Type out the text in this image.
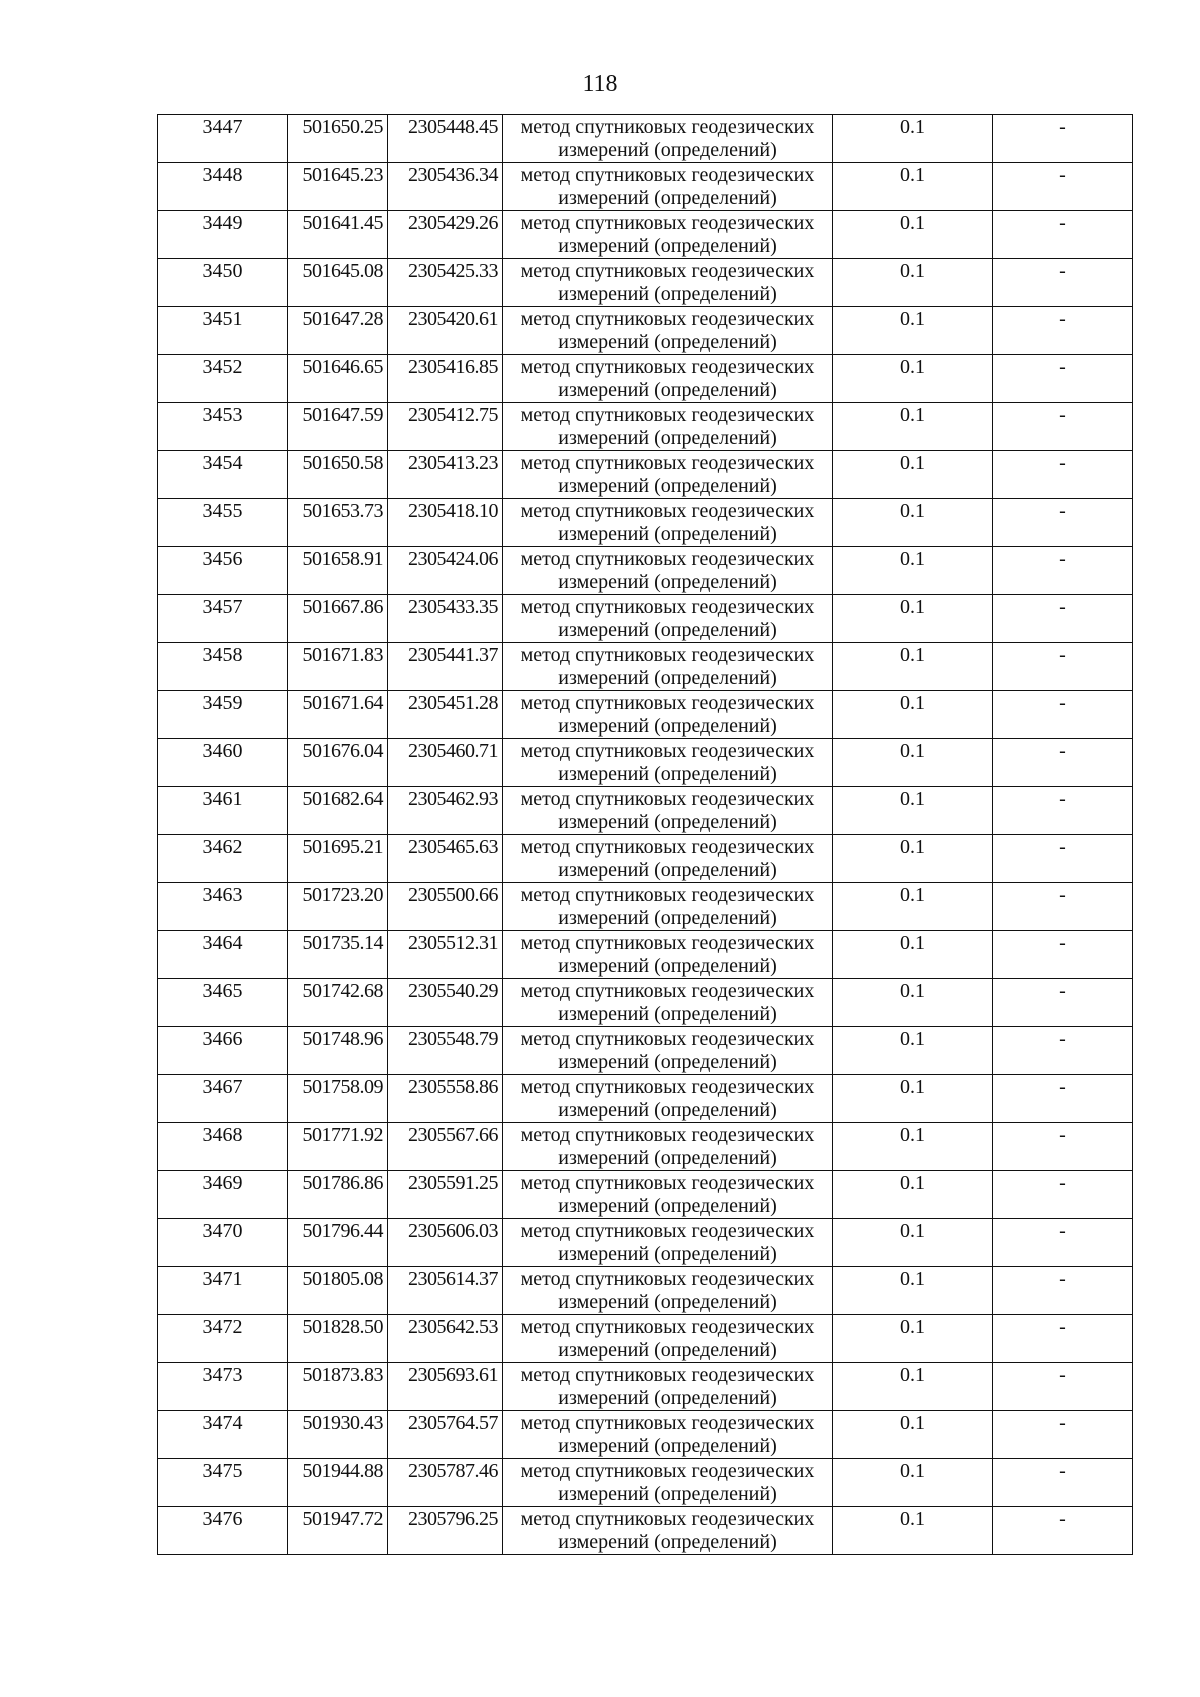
118
3447	501650.25	2305448.45	метод спутниковых геодезических измерений (определений)	0.1	-
3448	501645.23	2305436.34	метод спутниковых геодезических измерений (определений)	0.1	-
3449	501641.45	2305429.26	метод спутниковых геодезических измерений (определений)	0.1	-
3450	501645.08	2305425.33	метод спутниковых геодезических измерений (определений)	0.1	-
3451	501647.28	2305420.61	метод спутниковых геодезических измерений (определений)	0.1	-
3452	501646.65	2305416.85	метод спутниковых геодезических измерений (определений)	0.1	-
3453	501647.59	2305412.75	метод спутниковых геодезических измерений (определений)	0.1	-
3454	501650.58	2305413.23	метод спутниковых геодезических измерений (определений)	0.1	-
3455	501653.73	2305418.10	метод спутниковых геодезических измерений (определений)	0.1	-
3456	501658.91	2305424.06	метод спутниковых геодезических измерений (определений)	0.1	-
3457	501667.86	2305433.35	метод спутниковых геодезических измерений (определений)	0.1	-
3458	501671.83	2305441.37	метод спутниковых геодезических измерений (определений)	0.1	-
3459	501671.64	2305451.28	метод спутниковых геодезических измерений (определений)	0.1	-
3460	501676.04	2305460.71	метод спутниковых геодезических измерений (определений)	0.1	-
3461	501682.64	2305462.93	метод спутниковых геодезических измерений (определений)	0.1	-
3462	501695.21	2305465.63	метод спутниковых геодезических измерений (определений)	0.1	-
3463	501723.20	2305500.66	метод спутниковых геодезических измерений (определений)	0.1	-
3464	501735.14	2305512.31	метод спутниковых геодезических измерений (определений)	0.1	-
3465	501742.68	2305540.29	метод спутниковых геодезических измерений (определений)	0.1	-
3466	501748.96	2305548.79	метод спутниковых геодезических измерений (определений)	0.1	-
3467	501758.09	2305558.86	метод спутниковых геодезических измерений (определений)	0.1	-
3468	501771.92	2305567.66	метод спутниковых геодезических измерений (определений)	0.1	-
3469	501786.86	2305591.25	метод спутниковых геодезических измерений (определений)	0.1	-
3470	501796.44	2305606.03	метод спутниковых геодезических измерений (определений)	0.1	-
3471	501805.08	2305614.37	метод спутниковых геодезических измерений (определений)	0.1	-
3472	501828.50	2305642.53	метод спутниковых геодезических измерений (определений)	0.1	-
3473	501873.83	2305693.61	метод спутниковых геодезических измерений (определений)	0.1	-
3474	501930.43	2305764.57	метод спутниковых геодезических измерений (определений)	0.1	-
3475	501944.88	2305787.46	метод спутниковых геодезических измерений (определений)	0.1	-
3476	501947.72	2305796.25	метод спутниковых геодезических измерений (определений)	0.1	-
